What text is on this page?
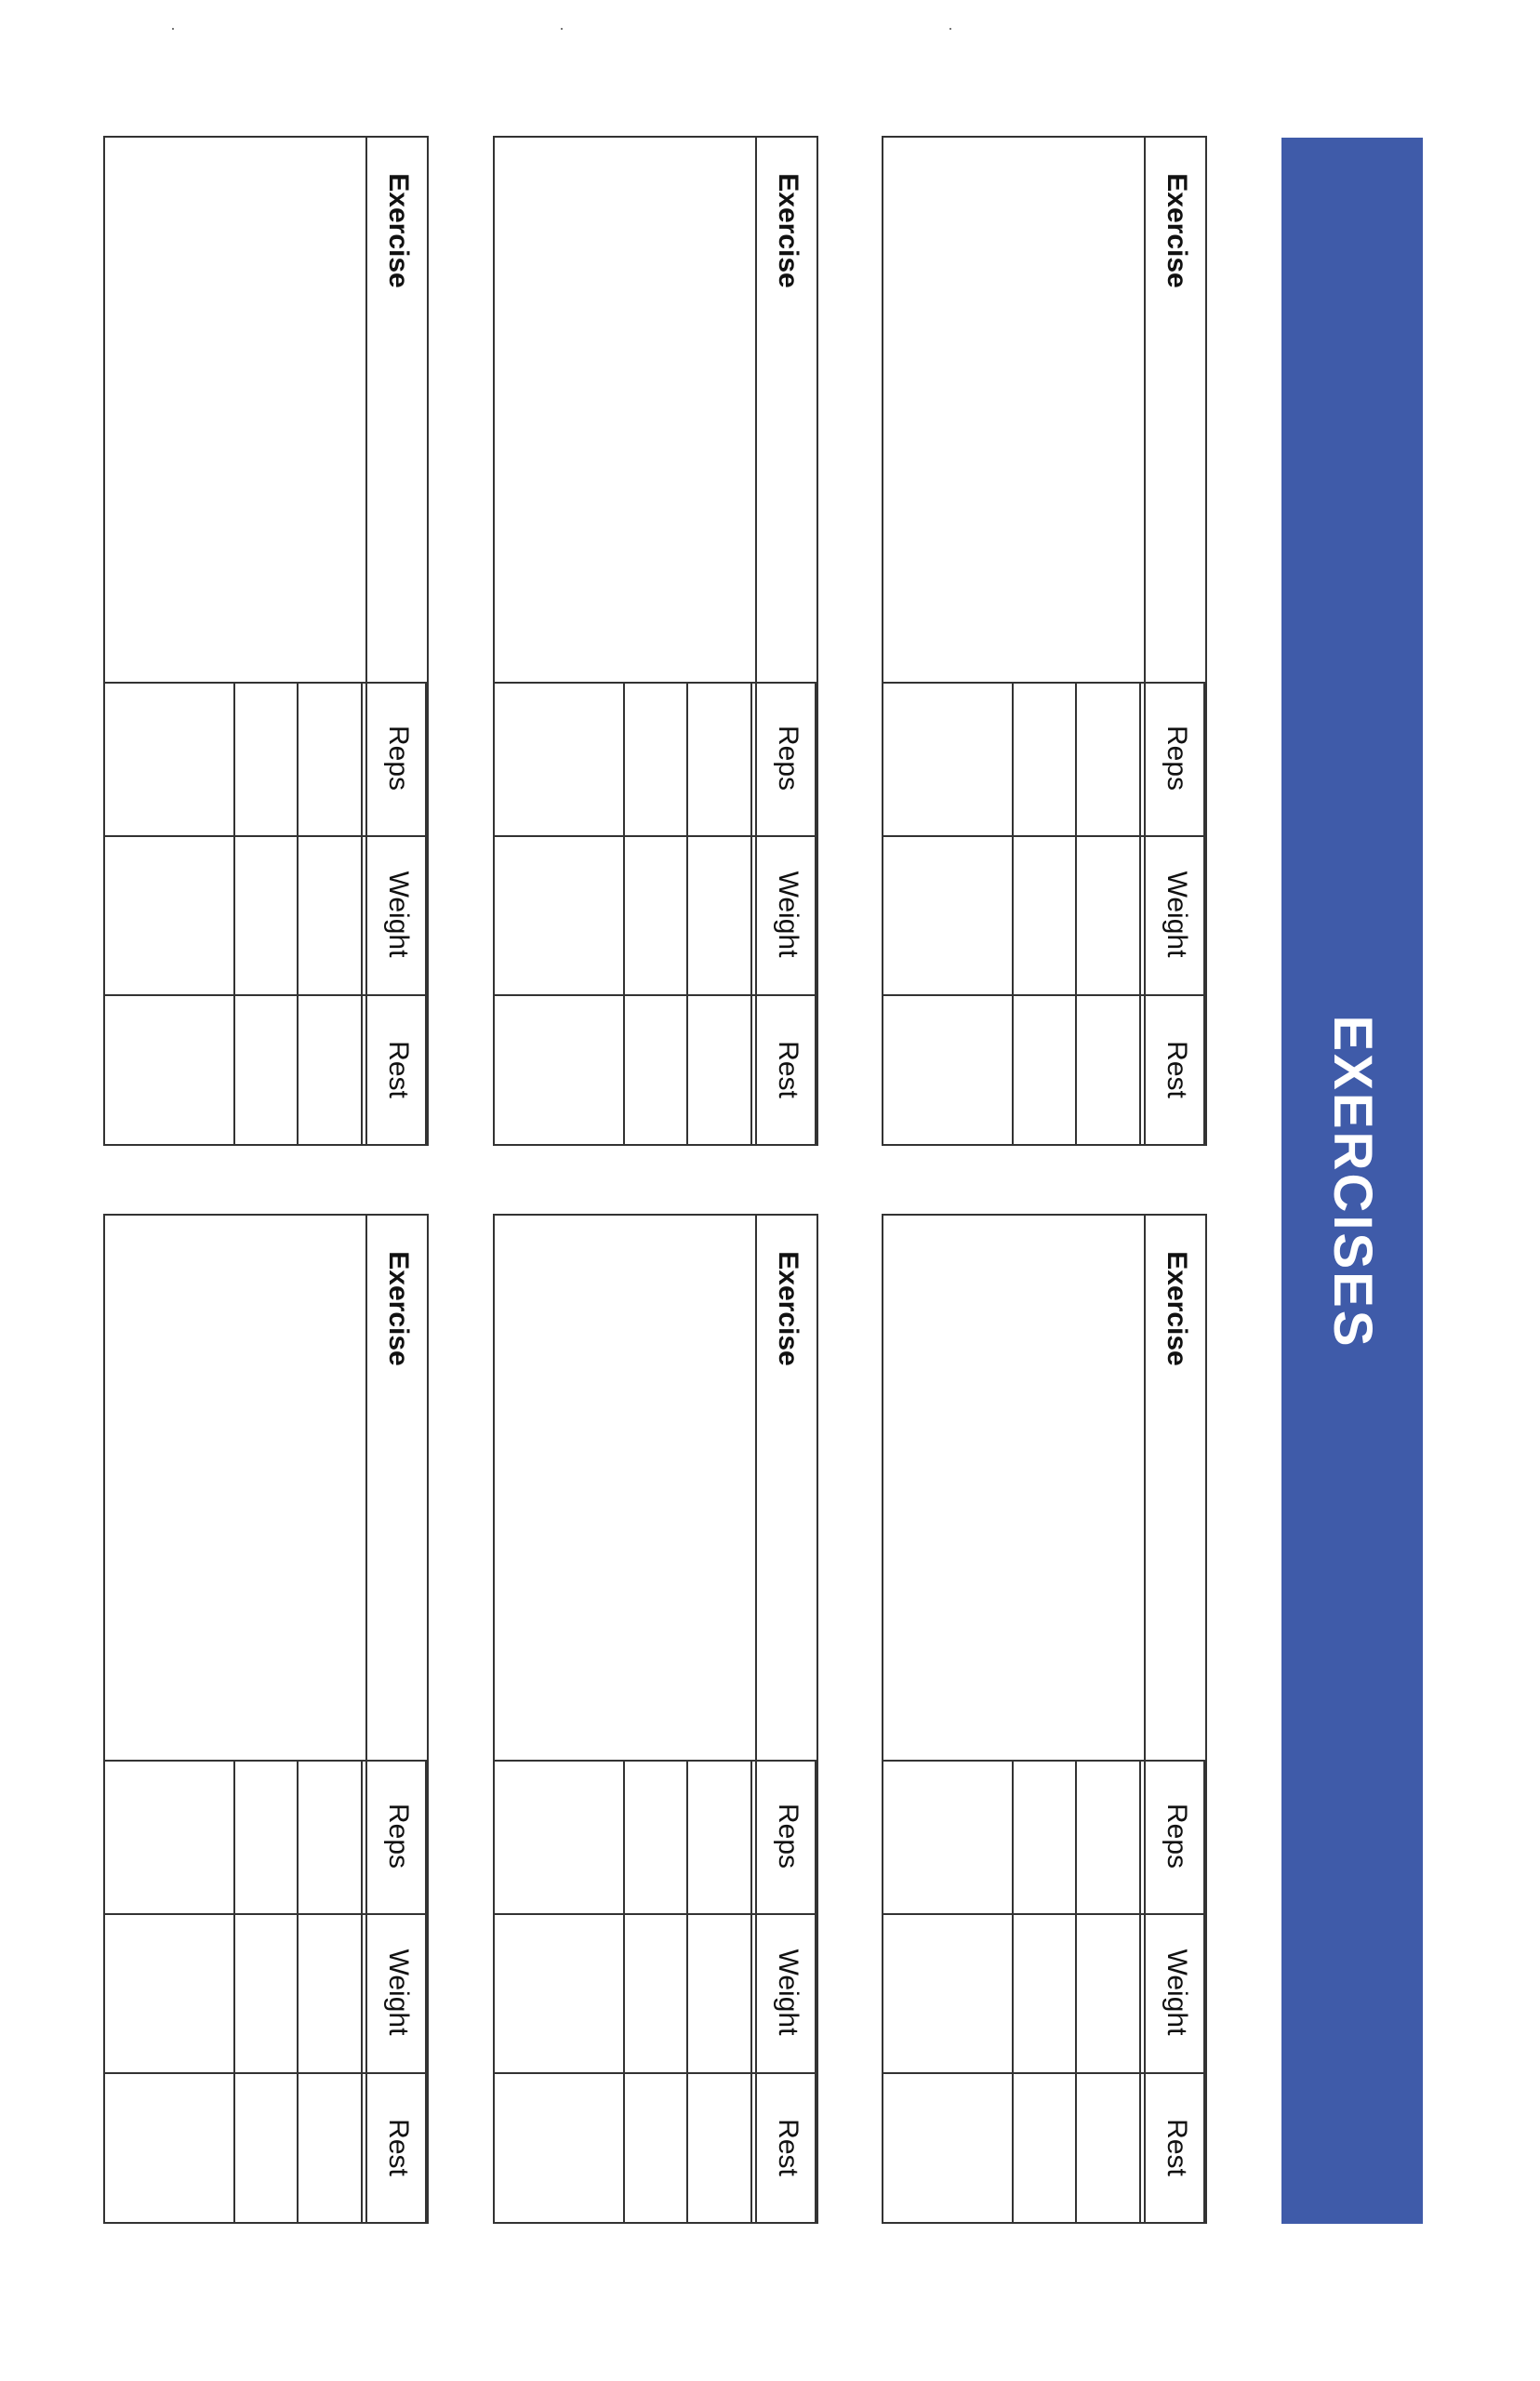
EXERCISES
Exercise
Reps
Weight
Rest
Exercise
Reps
Weight
Rest
Exercise
Reps
Weight
Rest
Exercise
Reps
Weight
Rest
Exercise
Reps
Weight
Rest
Exercise
Reps
Weight
Rest
